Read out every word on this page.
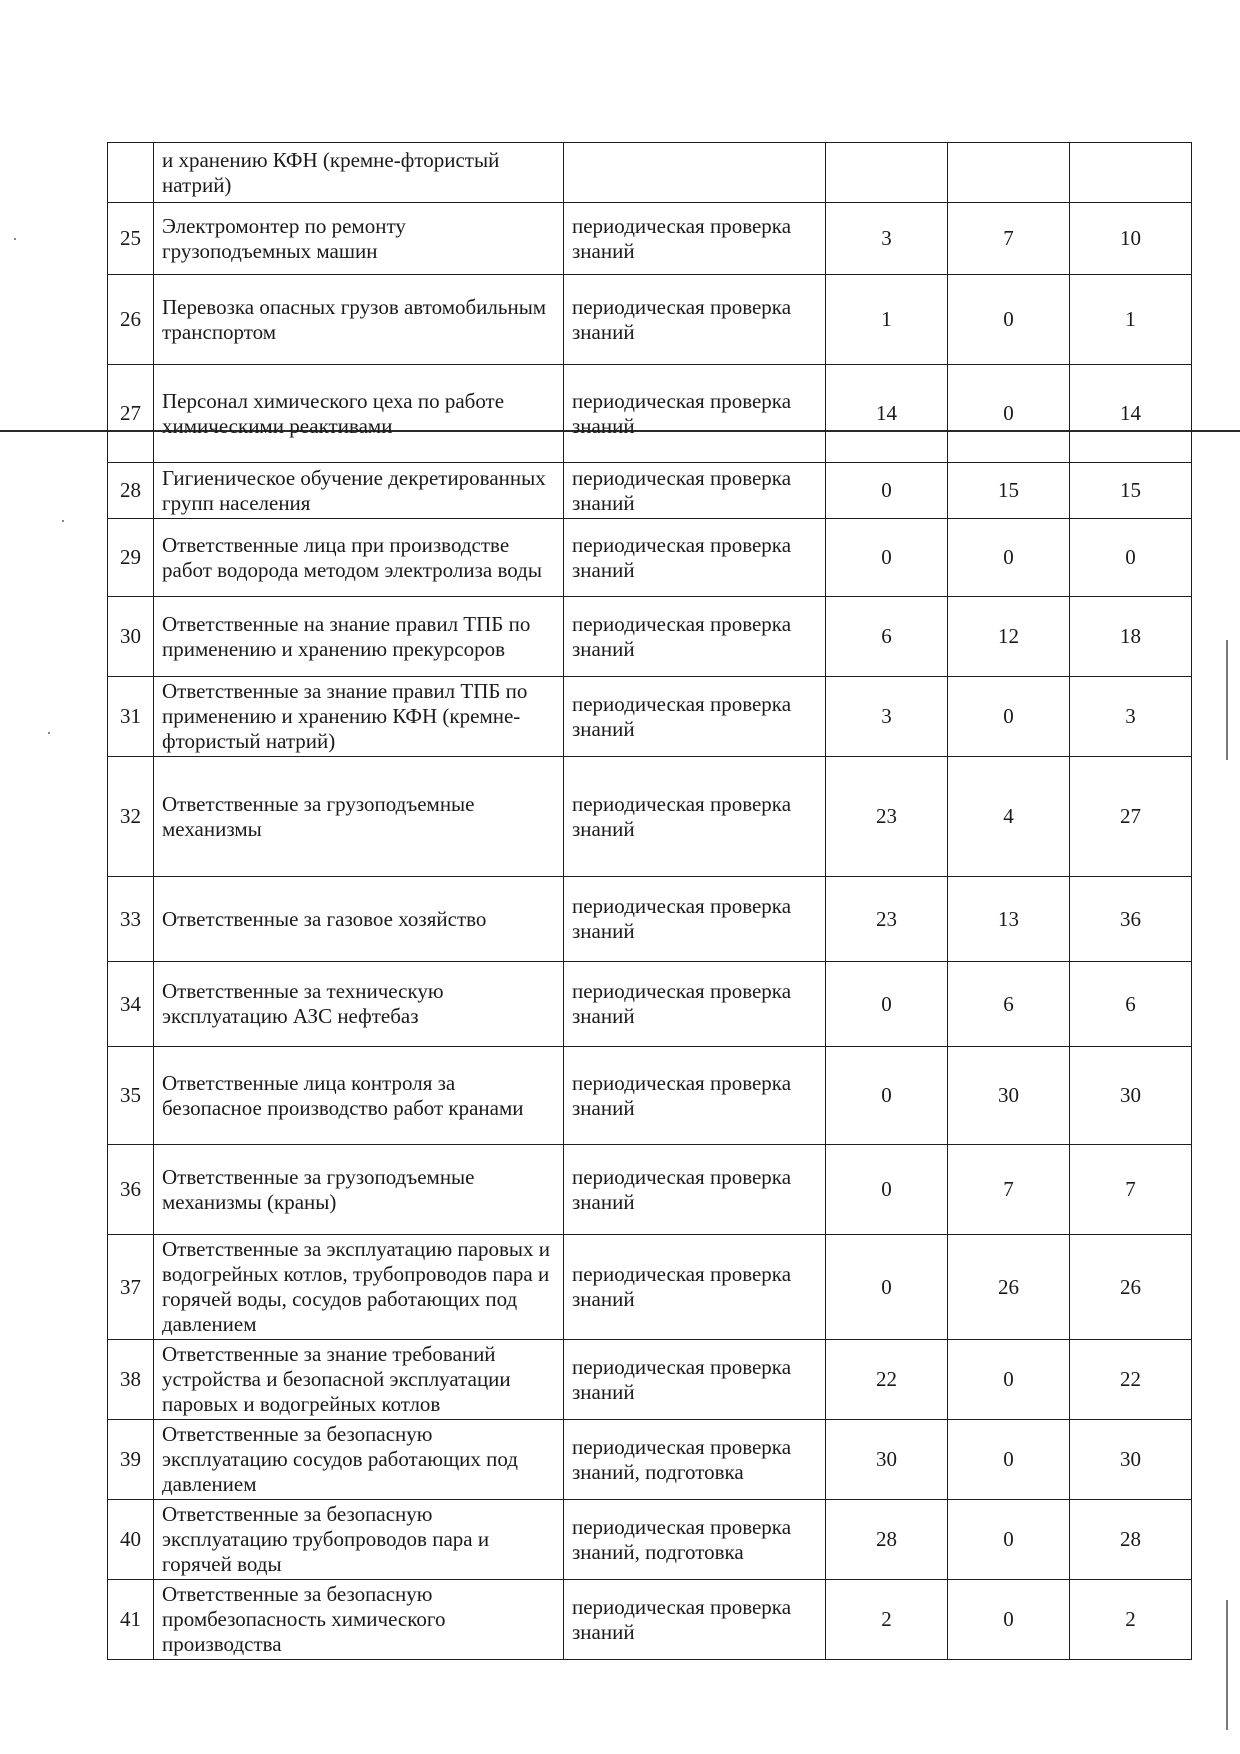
	и хранению КФН (кремне-фтористый натрий)				
25	Электромонтер по ремонту грузоподъемных машин	периодическая проверка знаний	3	7	10
26	Перевозка опасных грузов автомобильным транспортом	периодическая проверка знаний	1	0	1
27	Персонал химического цеха по работе химическими реактивами	периодическая проверка знаний	14	0	14
28	Гигиеническое обучение декретированных групп населения	периодическая проверка знаний	0	15	15
29	Ответственные лица при производстве работ водорода методом электролиза воды	периодическая проверка знаний	0	0	0
30	Ответственные на знание правил ТПБ по применению и хранению прекурсоров	периодическая проверка знаний	6	12	18
31	Ответственные за знание правил ТПБ по применению и хранению КФН (кремне-фтористый натрий)	периодическая проверка знаний	3	0	3
32	Ответственные за грузоподъемные механизмы	периодическая проверка знаний	23	4	27
33	Ответственные за газовое хозяйство	периодическая проверка знаний	23	13	36
34	Ответственные за техническую эксплуатацию АЗС нефтебаз	периодическая проверка знаний	0	6	6
35	Ответственные лица контроля за безопасное производство работ кранами	периодическая проверка знаний	0	30	30
36	Ответственные за грузоподъемные механизмы (краны)	периодическая проверка знаний	0	7	7
37	Ответственные за эксплуатацию паровых и водогрейных котлов, трубопроводов пара и горячей воды, сосудов работающих под давлением	периодическая проверка знаний	0	26	26
38	Ответственные за знание требований устройства и безопасной эксплуатации паровых и водогрейных котлов	периодическая проверка знаний	22	0	22
39	Ответственные за безопасную эксплуатацию сосудов работающих под давлением	периодическая проверка знаний, подготовка	30	0	30
40	Ответственные за безопасную эксплуатацию трубопроводов пара и горячей воды	периодическая проверка знаний, подготовка	28	0	28
41	Ответственные за безопасную промбезопасность химического производства	периодическая проверка знаний	2	0	2
